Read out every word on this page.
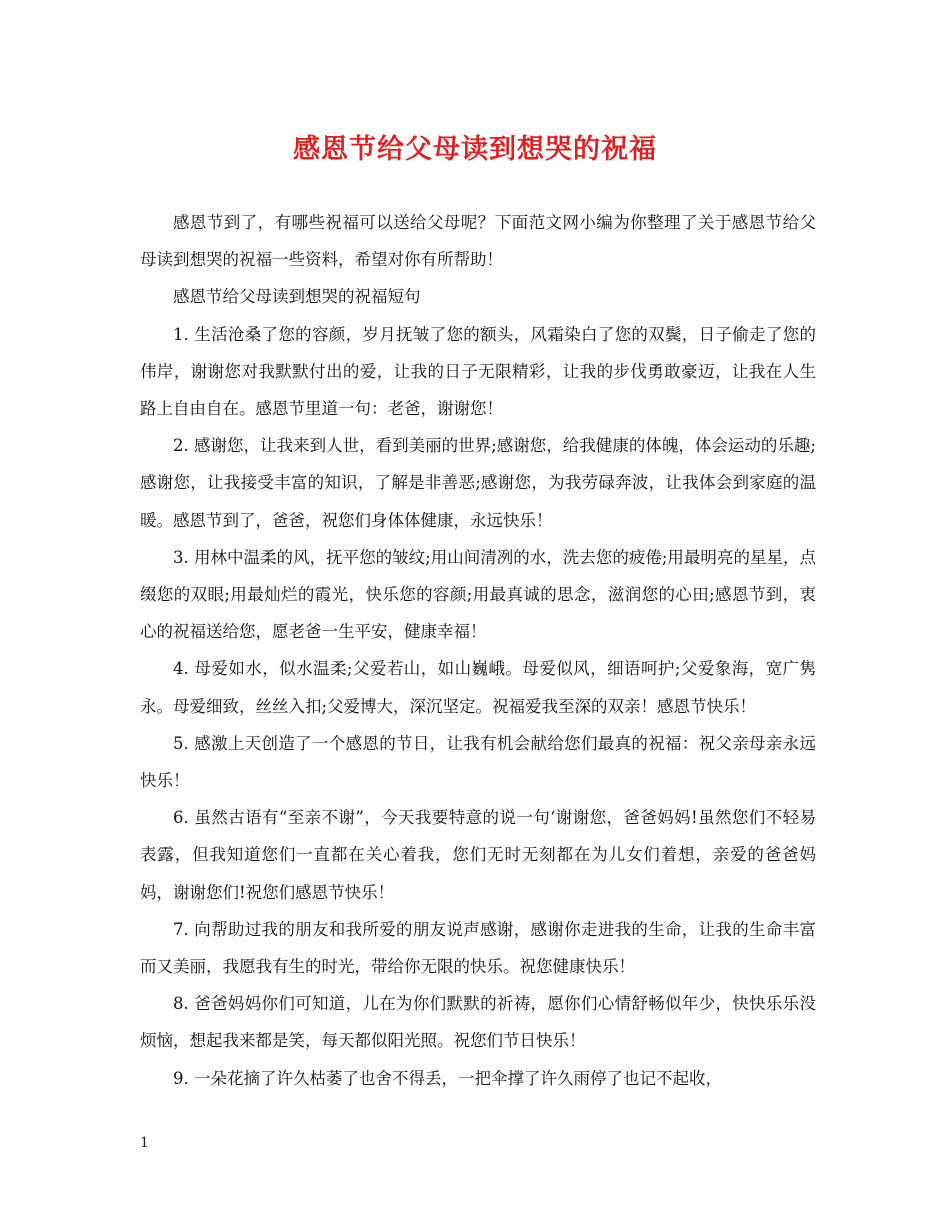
感恩节给父母读到想哭的祝福

感恩节到了，有哪些祝福可以送给父母呢？下面范文网小编为你整理了关于感恩节给父母读到想哭的祝福一些资料，希望对你有所帮助！

感恩节给父母读到想哭的祝福短句

1. 生活沧桑了您的容颜，岁月抚皱了您的额头，风霜染白了您的双鬓，日子偷走了您的伟岸，谢谢您对我默默付出的爱，让我的日子无限精彩，让我的步伐勇敢豪迈，让我在人生路上自由自在。感恩节里道一句：老爸，谢谢您！

2. 感谢您，让我来到人世，看到美丽的世界;感谢您，给我健康的体魄，体会运动的乐趣;感谢您，让我接受丰富的知识，了解是非善恶;感谢您，为我劳碌奔波，让我体会到家庭的温暖。感恩节到了，爸爸，祝您们身体体健康，永远快乐！

3. 用林中温柔的风，抚平您的皱纹;用山间清冽的水，洗去您的疲倦;用最明亮的星星，点缀您的双眼;用最灿烂的霞光，快乐您的容颜;用最真诚的思念，滋润您的心田;感恩节到，衷心的祝福送给您，愿老爸一生平安，健康幸福！

4. 母爱如水，似水温柔;父爱若山，如山巍峨。母爱似风，细语呵护;父爱象海，宽广隽永。母爱细致，丝丝入扣;父爱博大，深沉坚定。祝福爱我至深的双亲！感恩节快乐！

5. 感激上天创造了一个感恩的节日，让我有机会献给您们最真的祝福：祝父亲母亲永远快乐！

6. 虽然古语有“至亲不谢”，今天我要特意的说一句‘谢谢您，爸爸妈妈!虽然您们不轻易表露，但我知道您们一直都在关心着我，您们无时无刻都在为儿女们着想，亲爱的爸爸妈妈，谢谢您们!祝您们感恩节快乐！

7. 向帮助过我的朋友和我所爱的朋友说声感谢，感谢你走进我的生命，让我的生命丰富而又美丽，我愿我有生的时光，带给你无限的快乐。祝您健康快乐！

8. 爸爸妈妈你们可知道，儿在为你们默默的祈祷，愿你们心情舒畅似年少，快快乐乐没烦恼，想起我来都是笑，每天都似阳光照。祝您们节日快乐！

9. 一朵花摘了许久枯萎了也舍不得丢，一把伞撑了许久雨停了也记不起收，

1
